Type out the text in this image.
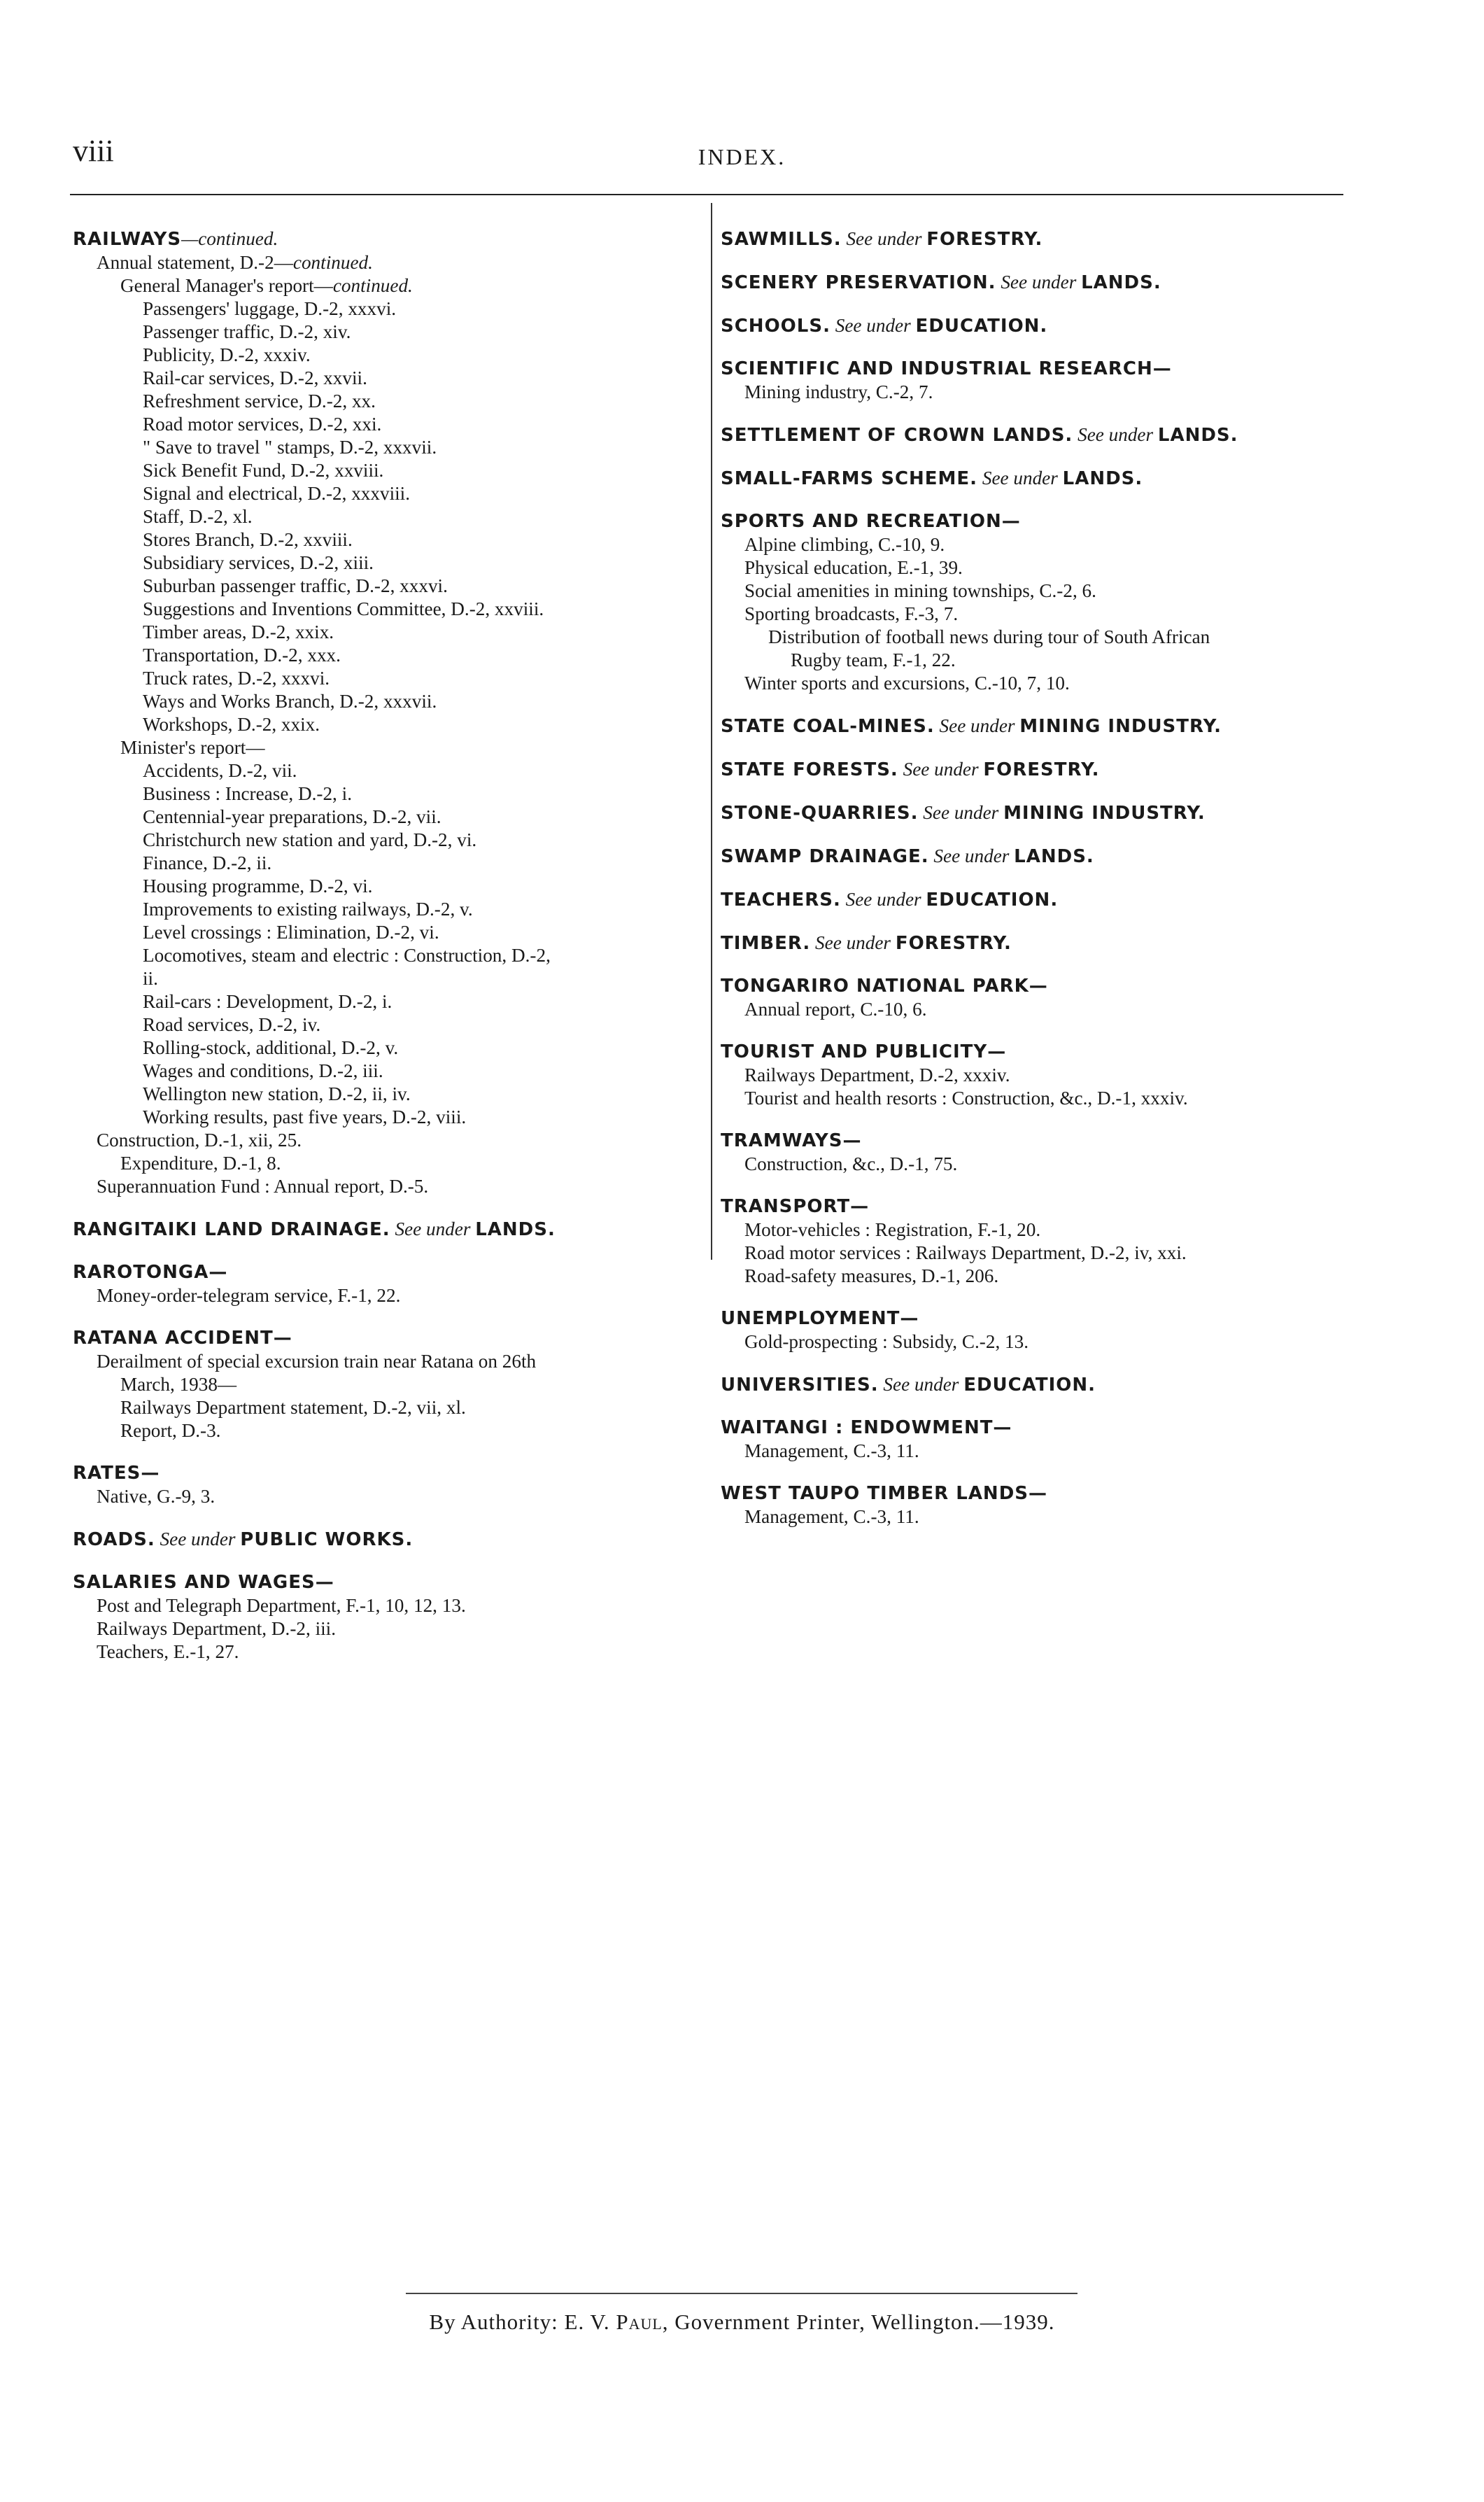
viii	INDEX.
RAILWAYS—continued.
Annual statement, D.-2—continued.
General Manager's report—continued.
Passengers' luggage, D.-2, xxxvi.
Passenger traffic, D.-2, xiv.
Publicity, D.-2, xxxiv.
Rail-car services, D.-2, xxvii.
Refreshment service, D.-2, xx.
Road motor services, D.-2, xxi.
" Save to travel " stamps, D.-2, xxxvii.
Sick Benefit Fund, D.-2, xxviii.
Signal and electrical, D.-2, xxxviii.
Staff, D.-2, xl.
Stores Branch, D.-2, xxviii.
Subsidiary services, D.-2, xiii.
Suburban passenger traffic, D.-2, xxxvi.
Suggestions and Inventions Committee, D.-2, xxviii.
Timber areas, D.-2, xxix.
Transportation, D.-2, xxx.
Truck rates, D.-2, xxxvi.
Ways and Works Branch, D.-2, xxxvii.
Workshops, D.-2, xxix.
Minister's report—
Accidents, D.-2, vii.
Business : Increase, D.-2, i.
Centennial-year preparations, D.-2, vii.
Christchurch new station and yard, D.-2, vi.
Finance, D.-2, ii.
Housing programme, D.-2, vi.
Improvements to existing railways, D.-2, v.
Level crossings : Elimination, D.-2, vi.
Locomotives, steam and electric : Construction, D.-2,
ii.
Rail-cars : Development, D.-2, i.
Road services, D.-2, iv.
Rolling-stock, additional, D.-2, v.
Wages and conditions, D.-2, iii.
Wellington new station, D.-2, ii, iv.
Working results, past five years, D.-2, viii.
Construction, D.-1, xii, 25.
Expenditure, D.-1, 8.
Superannuation Fund : Annual report, D.-5.
RANGITAIKI LAND DRAINAGE. See under LANDS.
RAROTONGA—
Money-order-telegram service, F.-1, 22.
RATANA ACCIDENT—
Derailment of special excursion train near Ratana on 26th
March, 1938—
Railways Department statement, D.-2, vii, xl.
Report, D.-3.
RATES—
Native, G.-9, 3.
ROADS. See under PUBLIC WORKS.
SALARIES AND WAGES—
Post and Telegraph Department, F.-1, 10, 12, 13.
Railways Department, D.-2, iii.
Teachers, E.-1, 27.
SAWMILLS. See under FORESTRY.
SCENERY PRESERVATION. See under LANDS.
SCHOOLS. See under EDUCATION.
SCIENTIFIC AND INDUSTRIAL RESEARCH—
Mining industry, C.-2, 7.
SETTLEMENT OF CROWN LANDS. See under LANDS.
SMALL-FARMS SCHEME. See under LANDS.
SPORTS AND RECREATION—
Alpine climbing, C.-10, 9.
Physical education, E.-1, 39.
Social amenities in mining townships, C.-2, 6.
Sporting broadcasts, F.-3, 7.
Distribution of football news during tour of South African
Rugby team, F.-1, 22.
Winter sports and excursions, C.-10, 7, 10.
STATE COAL-MINES. See under MINING INDUSTRY.
STATE FORESTS. See under FORESTRY.
STONE-QUARRIES. See under MINING INDUSTRY.
SWAMP DRAINAGE. See under LANDS.
TEACHERS. See under EDUCATION.
TIMBER. See under FORESTRY.
TONGARIRO NATIONAL PARK—
Annual report, C.-10, 6.
TOURIST AND PUBLICITY—
Railways Department, D.-2, xxxiv.
Tourist and health resorts : Construction, &c., D.-1, xxxiv.
TRAMWAYS—
Construction, &c., D.-1, 75.
TRANSPORT—
Motor-vehicles : Registration, F.-1, 20.
Road motor services : Railways Department, D.-2, iv, xxi.
Road-safety measures, D.-1, 206.
UNEMPLOYMENT—
Gold-prospecting : Subsidy, C.-2, 13.
UNIVERSITIES. See under EDUCATION.
WAITANGI : ENDOWMENT—
Management, C.-3, 11.
WEST TAUPO TIMBER LANDS—
Management, C.-3, 11.
By Authority: E. V. Paul, Government Printer, Wellington.—1939.
